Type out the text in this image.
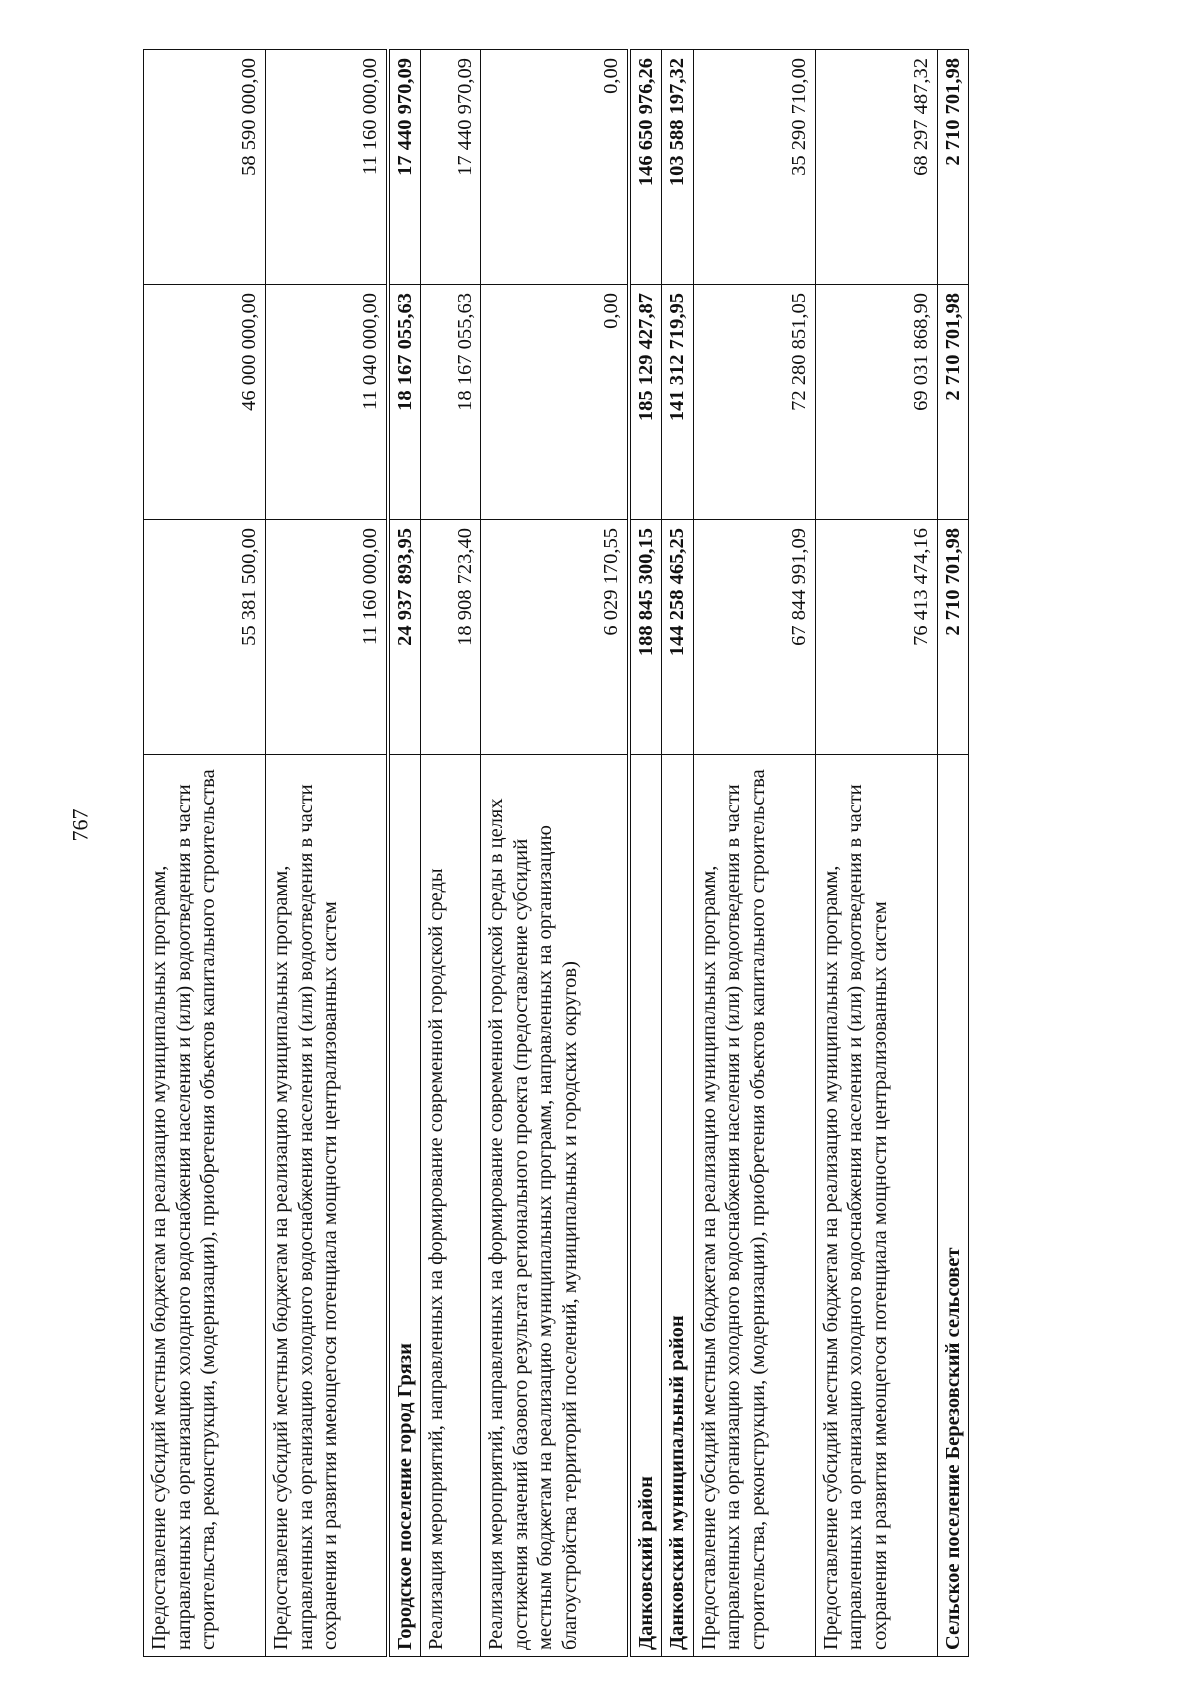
767
Предоставление субсидий местным бюджетам на реализацию муниципальных программ, направленных на организацию холодного водоснабжения населения и (или) водоотведения в части строительства, реконструкции, (модернизации), приобретения объектов капитального строительства	55 381 500,00	46 000 000,00	58 590 000,00
Предоставление субсидий местным бюджетам на реализацию муниципальных программ, направленных на организацию холодного водоснабжения населения и (или) водоотведения в части сохранения и развития имеющегося потенциала мощности централизованных систем	11 160 000,00	11 040 000,00	11 160 000,00
Городское поселение город Грязи	24 937 893,95	18 167 055,63	17 440 970,09
Реализация мероприятий, направленных на формирование современной городской среды	18 908 723,40	18 167 055,63	17 440 970,09
Реализация мероприятий, направленных на формирование современной городской среды в целях достижения значений базового результата регионального проекта (предоставление субсидий местным бюджетам на реализацию муниципальных программ, направленных на организацию благоустройства территорий поселений, муниципальных и городских округов)	6 029 170,55	0,00	0,00
Данковский район	188 845 300,15	185 129 427,87	146 650 976,26
Данковский муниципальный район	144 258 465,25	141 312 719,95	103 588 197,32
Предоставление субсидий местным бюджетам на реализацию муниципальных программ, направленных на организацию холодного водоснабжения населения и (или) водоотведения в части строительства, реконструкции, (модернизации), приобретения объектов капитального строительства	67 844 991,09	72 280 851,05	35 290 710,00
Предоставление субсидий местным бюджетам на реализацию муниципальных программ, направленных на организацию холодного водоснабжения населения и (или) водоотведения в части сохранения и развития имеющегося потенциала мощности централизованных систем	76 413 474,16	69 031 868,90	68 297 487,32
Сельское поселение Березовский сельсовет	2 710 701,98	2 710 701,98	2 710 701,98
